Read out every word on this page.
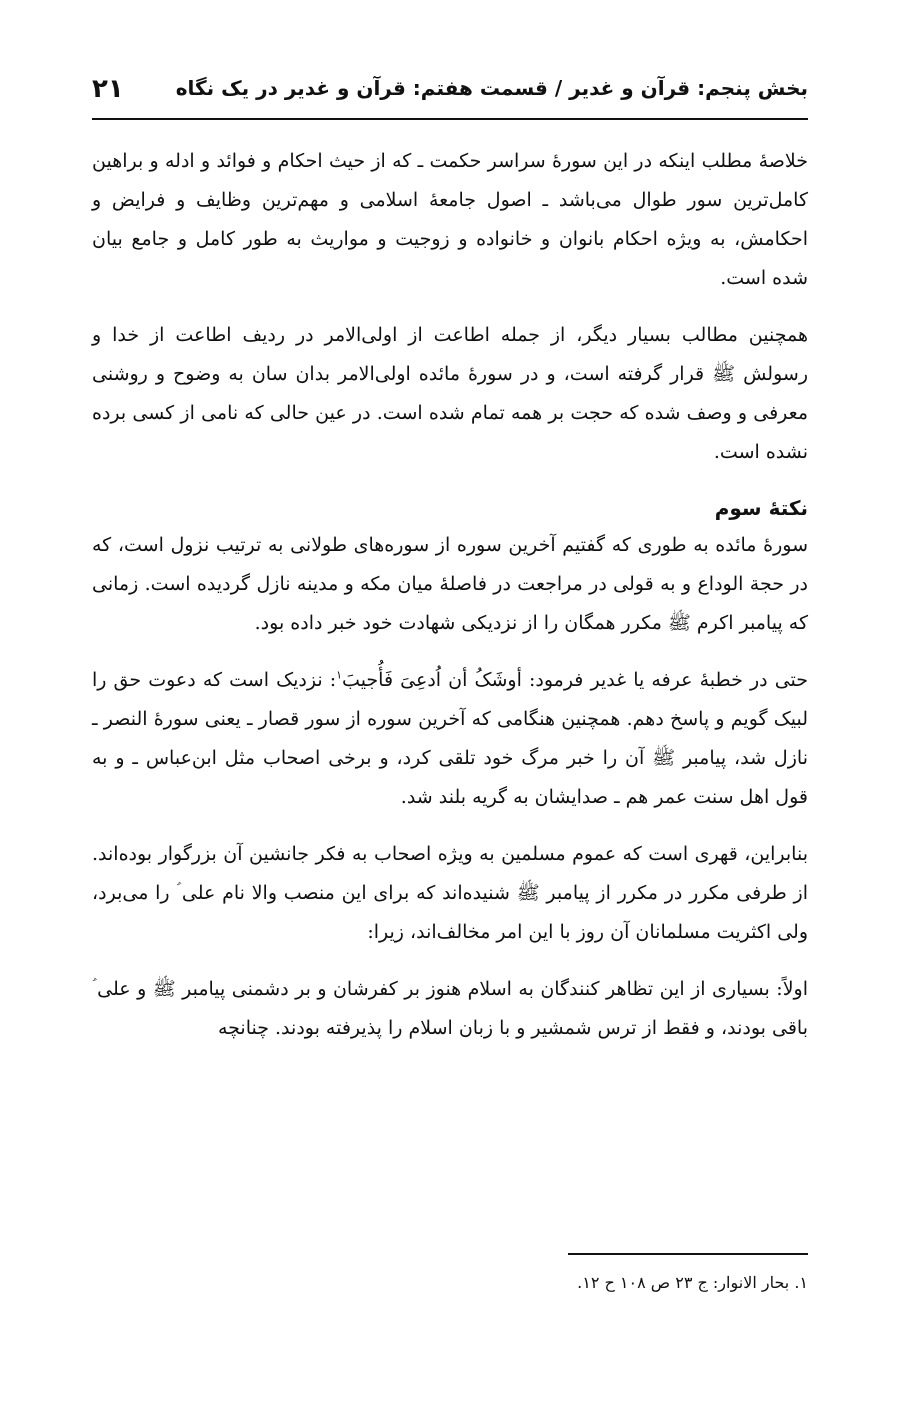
بخش پنجم: قرآن و غدیر / قسمت هفتم: قرآن و غدیر در یک نگاه
۲۱

خلاصهٔ مطلب اینکه در این سورهٔ سراسر حکمت ـ که از حیث احکام و فوائد و ادله و براهین کامل‌ترین سور طوال می‌باشد ـ اصول جامعهٔ اسلامی و مهم‌ترین وظایف و فرایض و احکامش، به ویژه احکام بانوان و خانواده و زوجیت و مواریث به طور کامل و جامع بیان شده است.

همچنین مطالب بسیار دیگر، از جمله اطاعت از اولی‌الامر در ردیف اطاعت از خدا و رسولش ﷺ قرار گرفته است، و در سورهٔ مائده اولی‌الامر بدان سان به وضوح و روشنی معرفی و وصف شده که حجت بر همه تمام شده است. در عین حالی که نامی از کسی برده نشده است.

نکتهٔ سوم

سورهٔ مائده به طوری که گفتیم آخرین سوره از سوره‌های طولانی به ترتیب نزول است، که در حجة الوداع و به قولی در مراجعت در فاصلهٔ میان مکه و مدینه نازل گردیده است. زمانی که پیامبر اکرم ﷺ مکرر همگان را از نزدیکی شهادت خود خبر داده بود.

حتی در خطبهٔ عرفه یا غدیر فرمود: أوشَکُ أن اُدعِیَ فَأُجیبَ$^۱$: نزدیک است که دعوت حق را لبیک گویم و پاسخ دهم. همچنین هنگامی که آخرین سوره از سور قصار ـ یعنی سورهٔ النصر ـ نازل شد، پیامبر ﷺ آن را خبر مرگ خود تلقی کرد، و برخی اصحاب مثل ابن‌عباس ـ و به قول اهل سنت عمر هم ـ صدایشان به گریه بلند شد.

بنابراین، قهری است که عموم مسلمین به ویژه اصحاب به فکر جانشین آن بزرگوار بوده‌اند. از طرفی مکرر در مکرر از پیامبر ﷺ شنیده‌اند که برای این منصب والا نام علی ؑ را می‌برد، ولی اکثریت مسلمانان آن روز با این امر مخالف‌اند، زیرا:

اولاً: بسیاری از این تظاهر کنندگان به اسلام هنوز بر کفرشان و بر دشمنی پیامبر ﷺ و علی ؑ باقی بودند، و فقط از ترس شمشیر و با زبان اسلام را پذیرفته بودند. چنانچه

۱. بحار الانوار: ج ۲۳ ص ۱۰۸ ح ۱۲.
